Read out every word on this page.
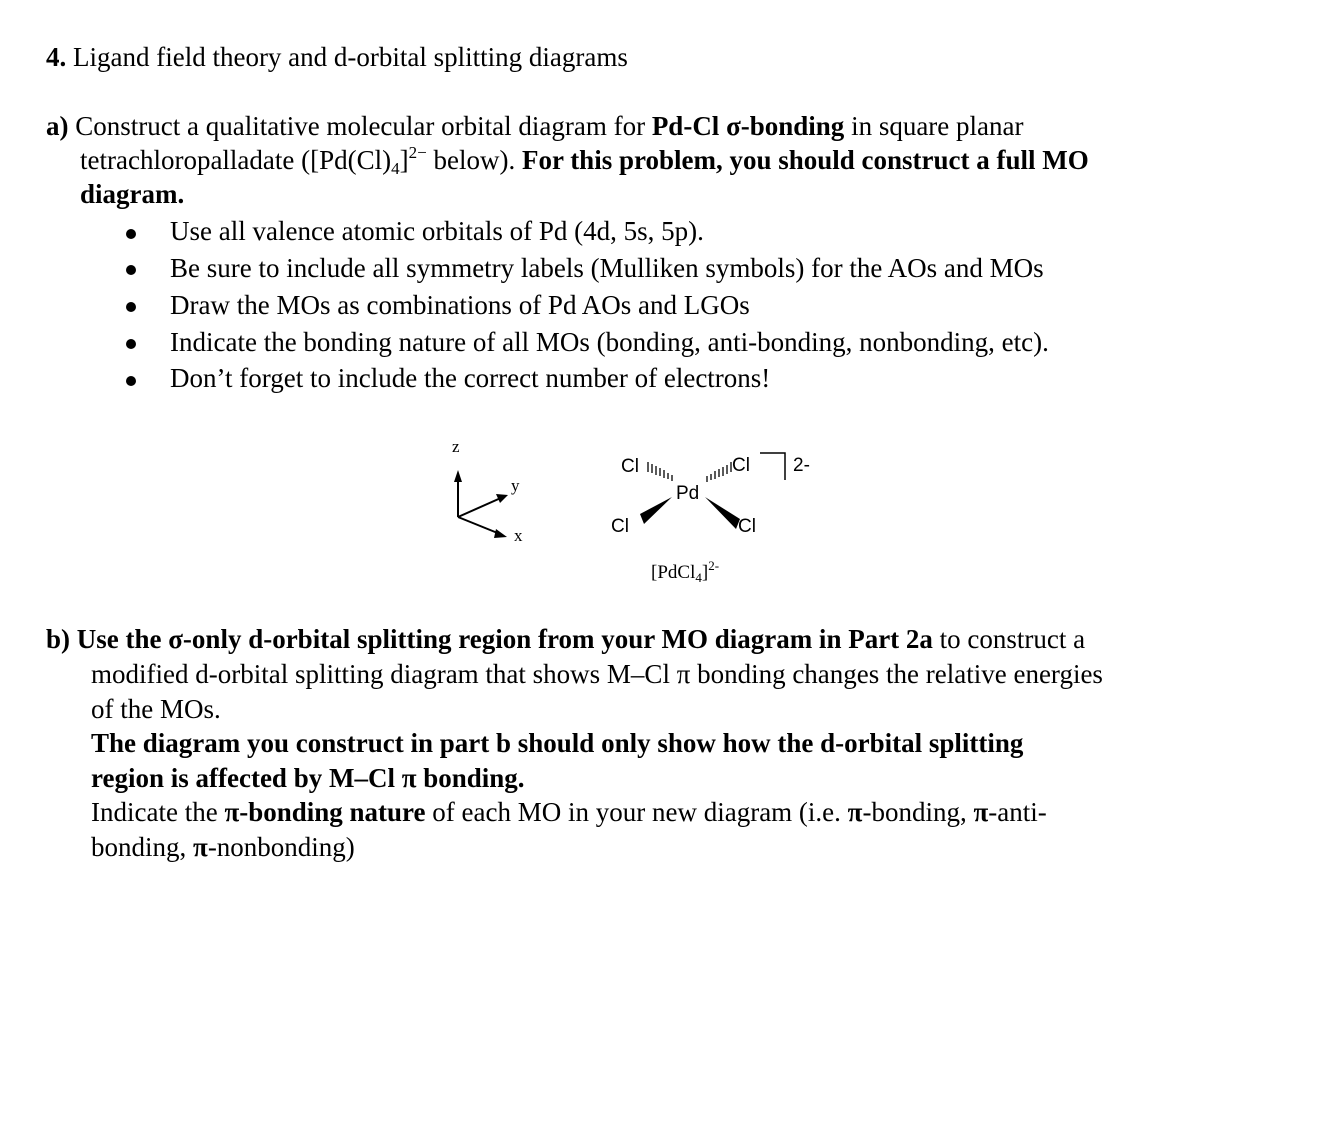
4. Ligand field theory and d-orbital splitting diagrams
a) Construct a qualitative molecular orbital diagram for Pd-Cl σ-bonding in square planar
tetrachloropalladate ($[Pd(Cl)4]^{2-}$ below). For this problem, you should construct a full MO
diagram.
Use all valence atomic orbitals of Pd (4d, 5s, 5p).
Be sure to include all symmetry labels (Mulliken symbols) for the AOs and MOs
Draw the MOs as combinations of Pd AOs and LGOs
Indicate the bonding nature of all MOs (bonding, anti-bonding, nonbonding, etc).
Don’t forget to include the correct number of electrons!
z
y
x
Cl	Cl
Cl	Cl
Pd
2-
[PdCl$_4$]$^{2-}$
b) Use the σ-only d-orbital splitting region from your MO diagram in Part 2a to construct a
modified d-orbital splitting diagram that shows M–Cl π bonding changes the relative energies
of the MOs.
The diagram you construct in part b should only show how the d-orbital splitting
region is affected by M–Cl π bonding.
Indicate the π-bonding nature of each MO in your new diagram (i.e. π-bonding, π-anti-
bonding, π-nonbonding)
